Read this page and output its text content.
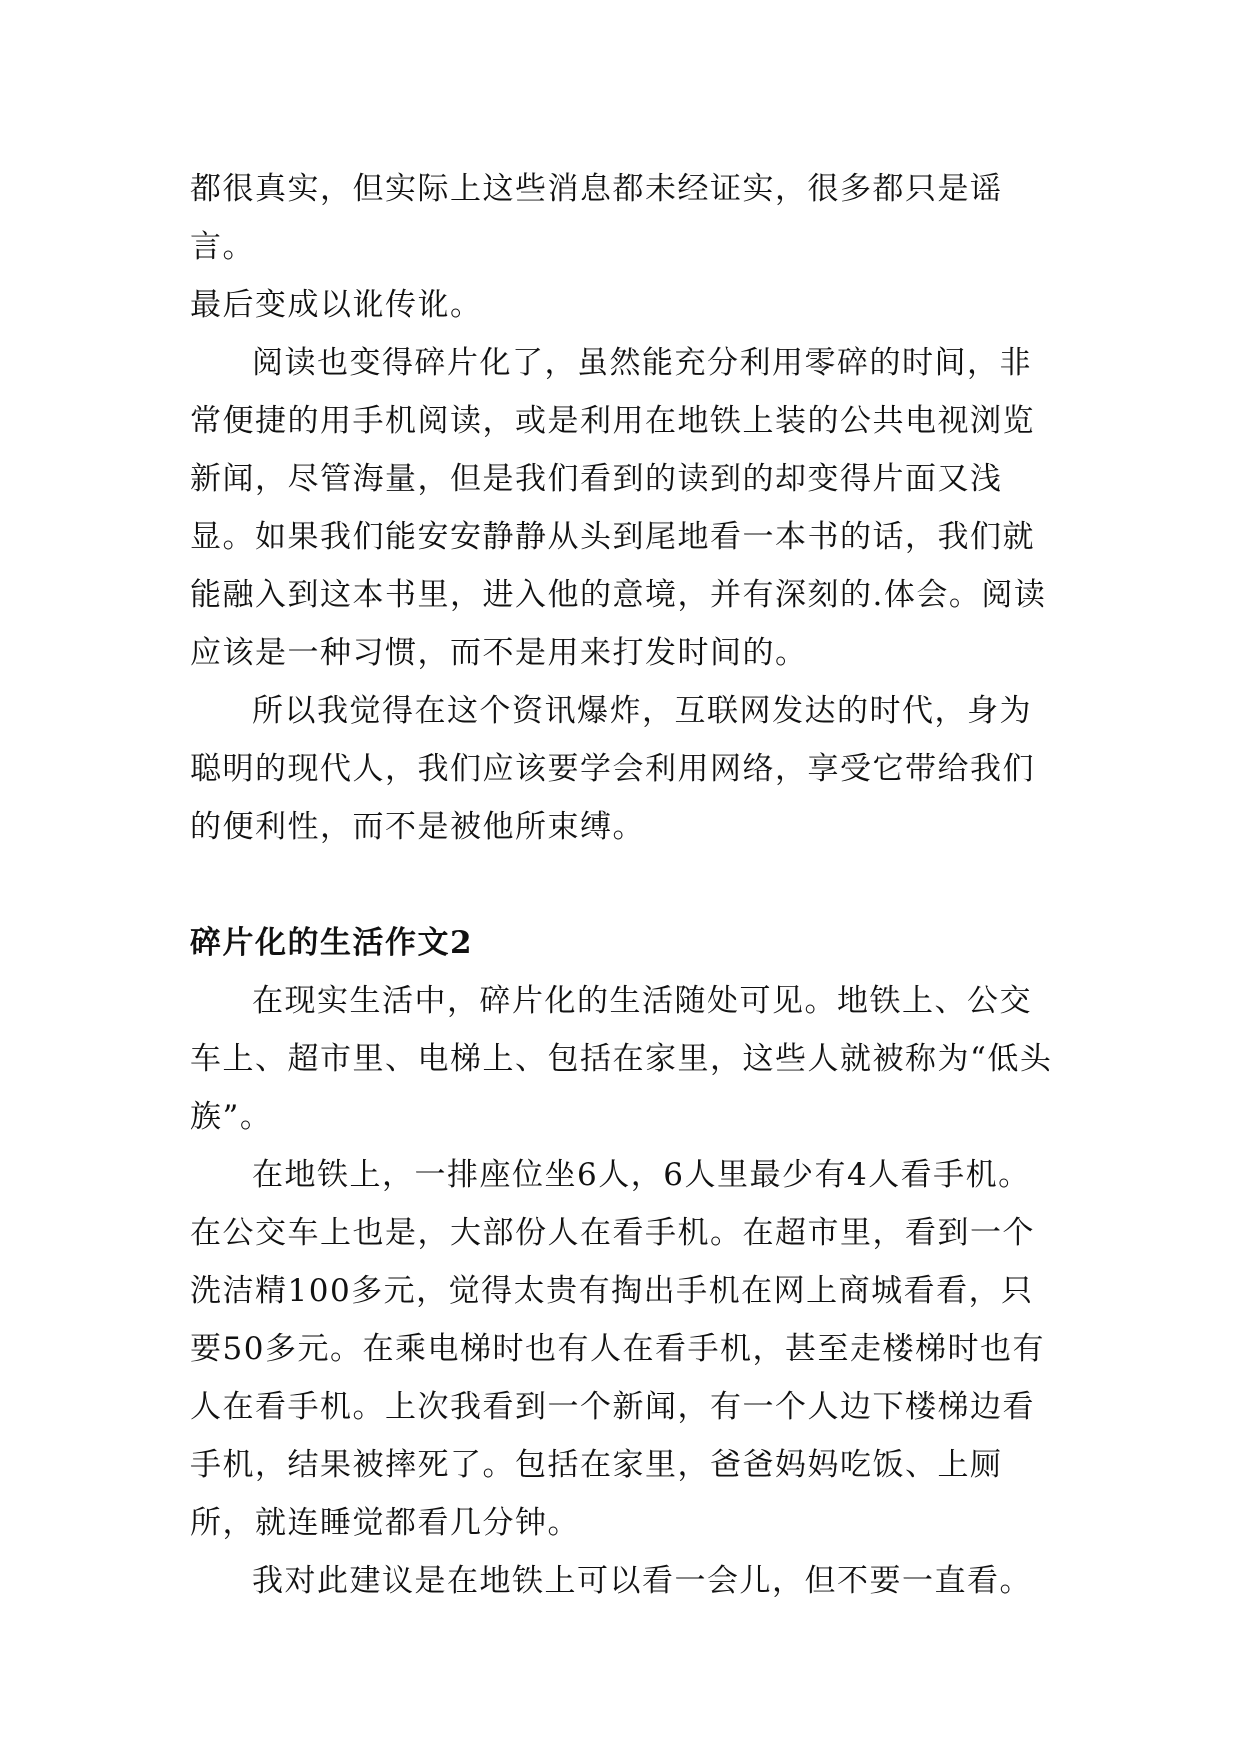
都很真实，但实际上这些消息都未经证实，很多都只是谣言。

最后变成以讹传讹。

阅读也变得碎片化了，虽然能充分利用零碎的时间，非常便捷的用手机阅读，或是利用在地铁上装的公共电视浏览新闻，尽管海量，但是我们看到的读到的却变得片面又浅显。如果我们能安安静静从头到尾地看一本书的话，我们就能融入到这本书里，进入他的意境，并有深刻的.体会。阅读应该是一种习惯，而不是用来打发时间的。

所以我觉得在这个资讯爆炸，互联网发达的时代，身为聪明的现代人，我们应该要学会利用网络，享受它带给我们的便利性，而不是被他所束缚。

碎片化的生活作文2

在现实生活中，碎片化的生活随处可见。地铁上、公交车上、超市里、电梯上、包括在家里，这些人就被称为“低头族”。

在地铁上，一排座位坐6人，6人里最少有4人看手机。在公交车上也是，大部份人在看手机。在超市里，看到一个洗洁精100多元，觉得太贵有掏出手机在网上商城看看，只要50多元。在乘电梯时也有人在看手机，甚至走楼梯时也有人在看手机。上次我看到一个新闻，有一个人边下楼梯边看手机，结果被摔死了。包括在家里，爸爸妈妈吃饭、上厕所，就连睡觉都看几分钟。

我对此建议是在地铁上可以看一会儿，但不要一直看。
